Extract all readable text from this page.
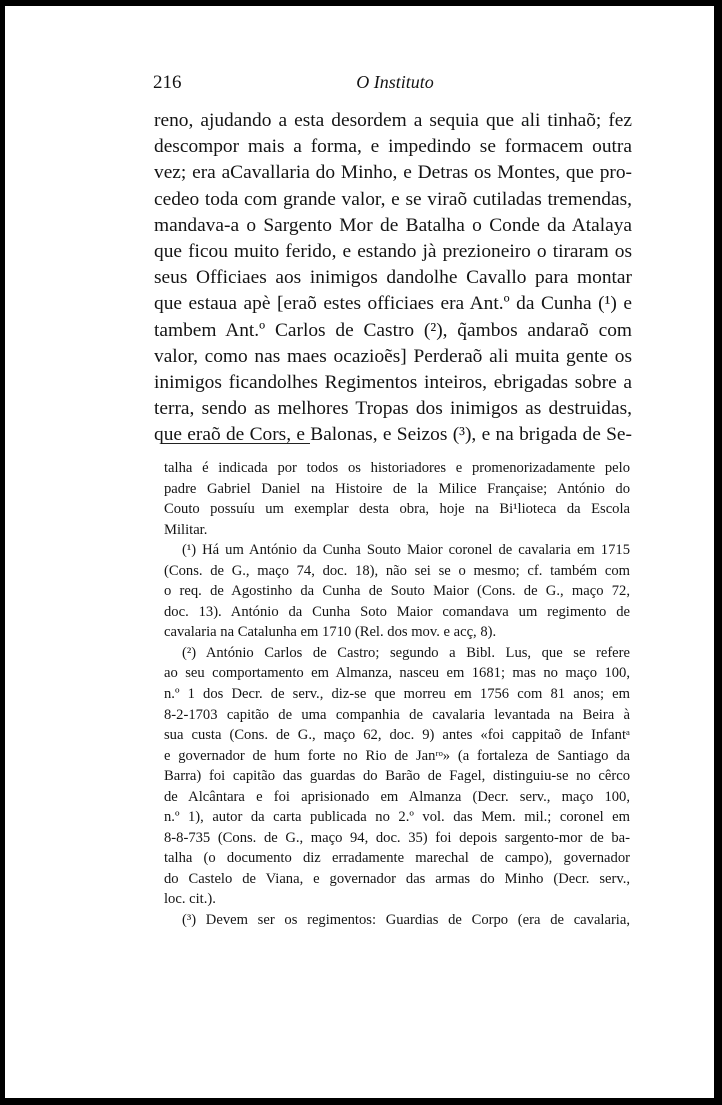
216	O Instituto
reno, ajudando a esta desordem a sequia que ali tinhaõ; fez
descompor mais a forma, e impedindo se formacem outra
vez; era aCavallaria do Minho, e Detras os Montes, que pro-
cedeo toda com grande valor, e se viraõ cutiladas tremendas,
mandava-a o Sargento Mor de Batalha o Conde da Atalaya
que ficou muito ferido, e estando jà prezioneiro o tiraram os
seus Officiaes aos inimigos dandolhe Cavallo para montar
que estaua apè [eraõ estes officiaes era Ant.º da Cunha (¹) e
tambem Ant.º Carlos de Castro (²), q̃ambos andaraõ com
valor, como nas maes ocazioẽs] Perderaõ ali muita gente os
inimigos ficandolhes Regimentos inteiros, ebrigadas sobre a
terra, sendo as melhores Tropas dos inimigos as destruidas,
que eraõ de Cors, e Balonas, e Seizos (³), e na brigada de Se-
talha é indicada por todos os historiadores e promenorizadamente pelo
padre Gabriel Daniel na Histoire de la Milice Française; António do
Couto possuíu um exemplar desta obra, hoje na Bi¹lioteca da Escola
Militar.
(¹) Há um António da Cunha Souto Maior coronel de cavalaria em 1715
(Cons. de G., maço 74, doc. 18), não sei se o mesmo; cf. também com
o req. de Agostinho da Cunha de Souto Maior (Cons. de G., maço 72,
doc. 13). António da Cunha Soto Maior comandava um regimento de
cavalaria na Catalunha em 1710 (Rel. dos mov. e acç, 8).
(²) António Carlos de Castro; segundo a Bibl. Lus, que se refere
ao seu comportamento em Almanza, nasceu em 1681; mas no maço 100,
n.º 1 dos Decr. de serv., diz-se que morreu em 1756 com 81 anos; em
8-2-1703 capitão de uma companhia de cavalaria levantada na Beira à
sua custa (Cons. de G., maço 62, doc. 9) antes «foi cappitaõ de Infantᵃ
e governador de hum forte no Rio de Janʳᵒ» (a fortaleza de Santiago da
Barra) foi capitão das guardas do Barão de Fagel, distinguiu-se no cêrco
de Alcântara e foi aprisionado em Almanza (Decr. serv., maço 100,
n.º 1), autor da carta publicada no 2.º vol. das Mem. mil.; coronel em
8-8-735 (Cons. de G., maço 94, doc. 35) foi depois sargento-mor de ba-
talha (o documento diz erradamente marechal de campo), governador
do Castelo de Viana, e governador das armas do Minho (Decr. serv.,
loc. cit.).
(³) Devem ser os regimentos: Guardias de Corpo (era de cavalaria,
